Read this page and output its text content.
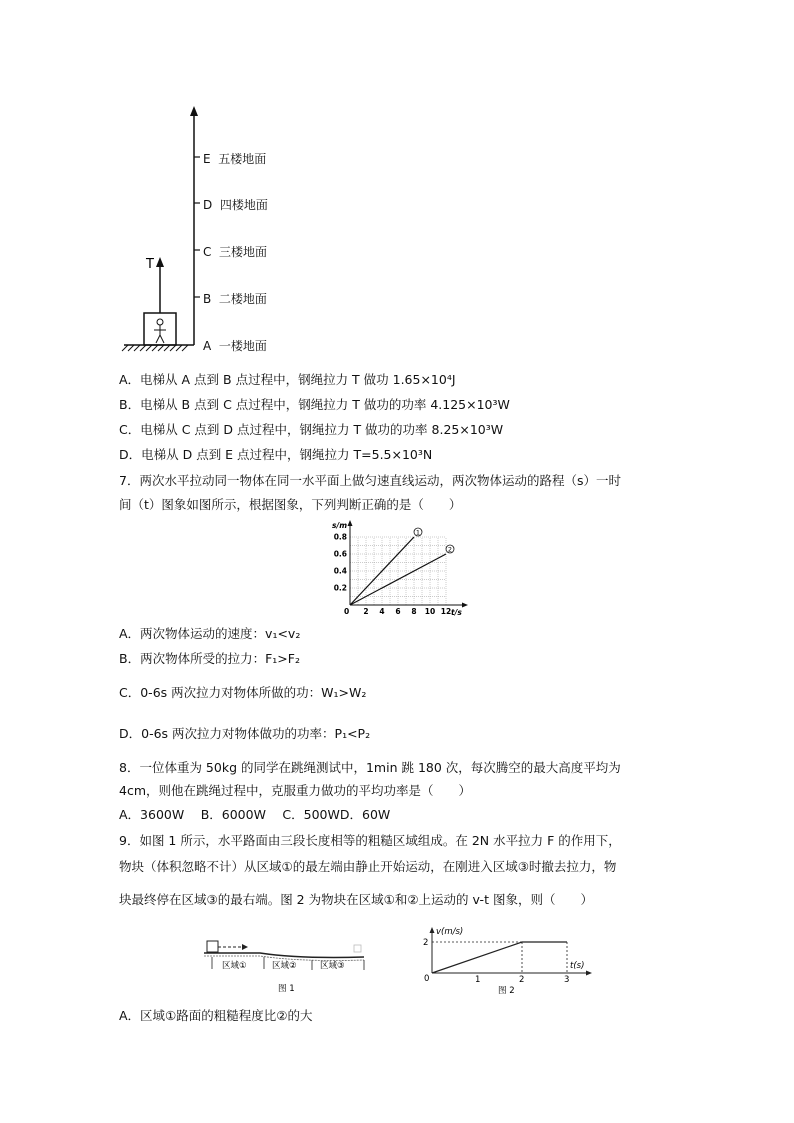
T
E 五楼地面
D 四楼地面
C 三楼地面
B 二楼地面
A 一楼地面
A．电梯从 A 点到 B 点过程中，钢绳拉力 T 做功 1.65×10⁴J
B．电梯从 B 点到 C 点过程中，钢绳拉力 T 做功的功率 4.125×10³W
C．电梯从 C 点到 D 点过程中，钢绳拉力 T 做功的功率 8.25×10³W
D．电梯从 D 点到 E 点过程中，钢绳拉力 T=5.5×10³N
7．两次水平拉动同一物体在同一水平面上做匀速直线运动，两次物体运动的路程（s）一时
间（t）图象如图所示，根据图象，下列判断正确的是（　　）
s/m
t/s
0 2 4 6 8 10 12
0.2
0.4
0.6
0.8	1
2
A．两次物体运动的速度：v₁<v₂
B．两次物体所受的拉力：F₁>F₂
C．0-6s 两次拉力对物体所做的功：W₁>W₂
D．0-6s 两次拉力对物体做功的功率：P₁<P₂
8．一位体重为 50kg 的同学在跳绳测试中，1min 跳 180 次，每次腾空的最大高度平均为
4cm，则他在跳绳过程中，克服重力做功的平均功率是（　　）
A．3600W　 B．6000W　 C．500WD．60W
9．如图 1 所示，水平路面由三段长度相等的粗糙区域组成。在 2N 水平拉力 F 的作用下，
物块（体积忽略不计）从区域①的最左端由静止开始运动，在刚进入区域③时撤去拉力，物
块最终停在区域③的最右端。图 2 为物块在区域①和②上运动的 v-t 图象，则（　　）
区域①	区域②	区域③
图 1
v(m/s)
t(s)
2
0	1	2	3
图 2
A．区域①路面的粗糙程度比②的大
